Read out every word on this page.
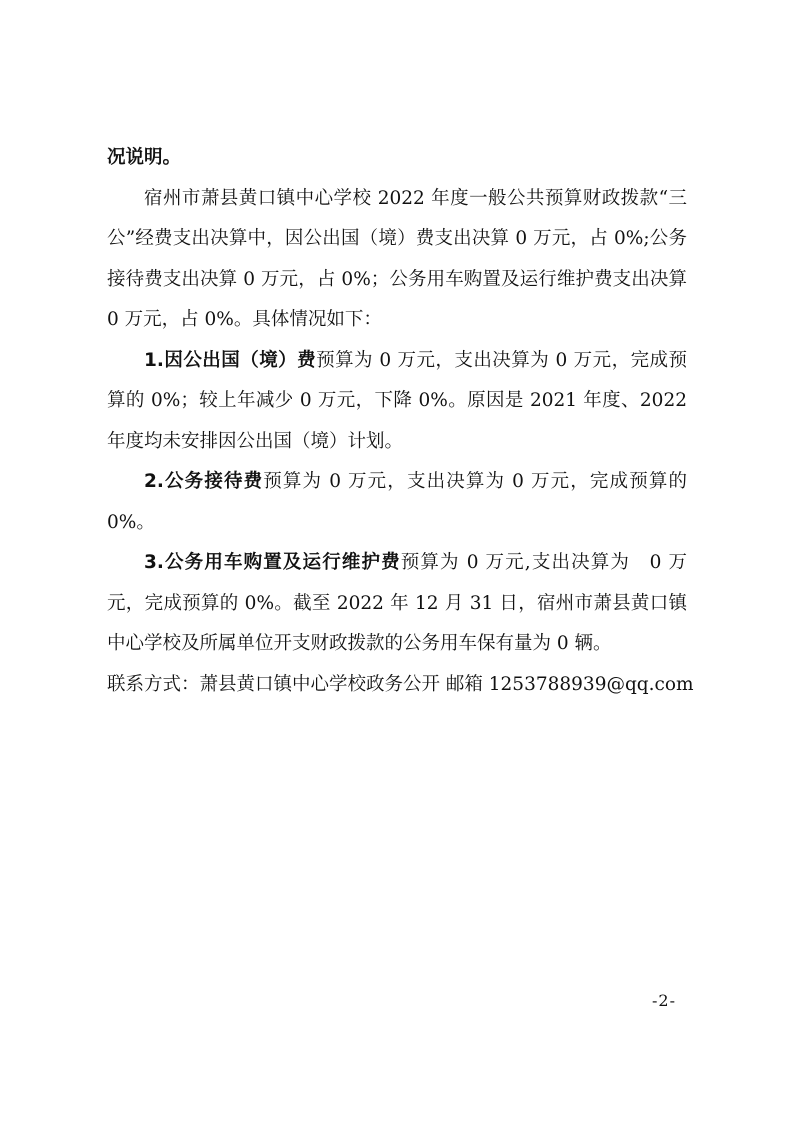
况说明。

宿州市萧县黄口镇中心学校 2022 年度一般公共预算财政拨款“三公”经费支出决算中，因公出国（境）费支出决算 0 万元，占 0%;公务接待费支出决算 0 万元，占 0%；公务用车购置及运行维护费支出决算 0 万元，占 0%。具体情况如下：

1.因公出国（境）费预算为 0 万元，支出决算为 0 万元，完成预算的 0%；较上年减少 0 万元，下降 0%。原因是 2021 年度、2022 年度均未安排因公出国（境）计划。

2.公务接待费预算为 0 万元，支出决算为 0 万元，完成预算的 0%。

3.公务用车购置及运行维护费预算为 0 万元,支出决算为　0 万元，完成预算的 0%。截至 2022 年 12 月 31 日，宿州市萧县黄口镇中心学校及所属单位开支财政拨款的公务用车保有量为 0 辆。

联系方式：萧县黄口镇中心学校政务公开 邮箱 1253788939@qq.com

-2-
